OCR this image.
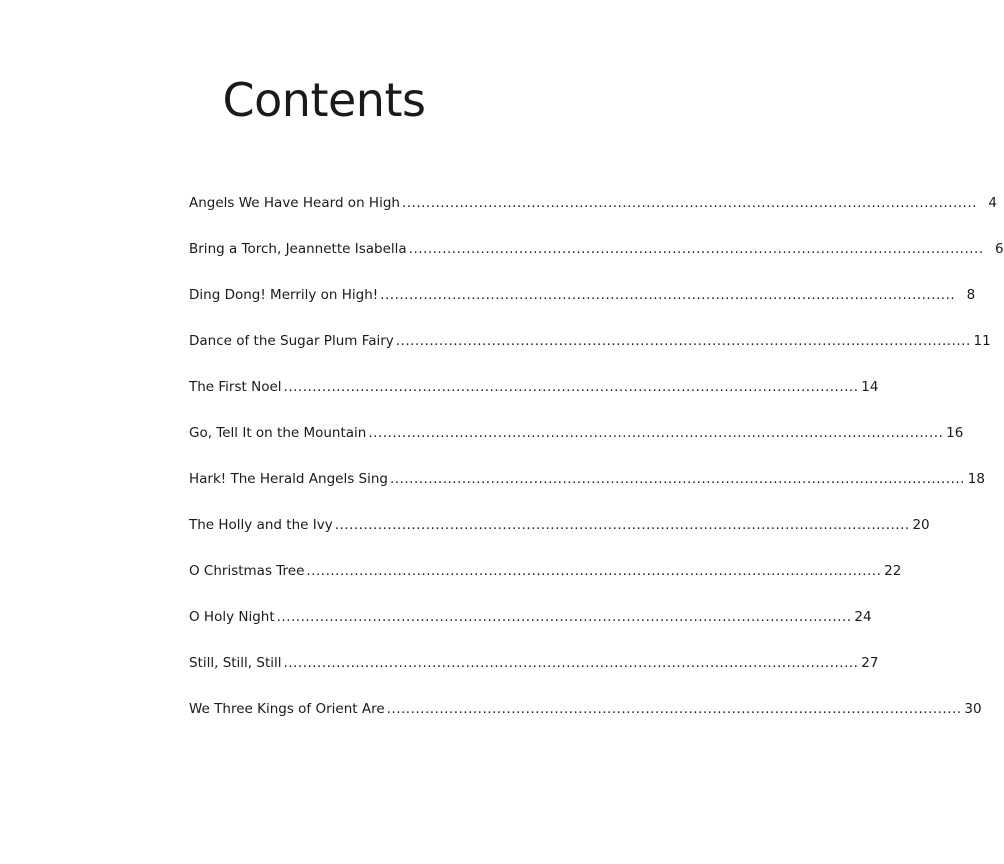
Contents
Angels We Have Heard on High ........................................................................................................................ 4
Bring a Torch, Jeannette Isabella ........................................................................................................................ 6
Ding Dong! Merrily on High! ........................................................................................................................ 8
Dance of the Sugar Plum Fairy ........................................................................................................................ 11
The First Noel ........................................................................................................................ 14
Go, Tell It on the Mountain ........................................................................................................................ 16
Hark! The Herald Angels Sing ........................................................................................................................ 18
The Holly and the Ivy ........................................................................................................................ 20
O Christmas Tree ........................................................................................................................ 22
O Holy Night ........................................................................................................................ 24
Still, Still, Still ........................................................................................................................ 27
We Three Kings of Orient Are ........................................................................................................................ 30
